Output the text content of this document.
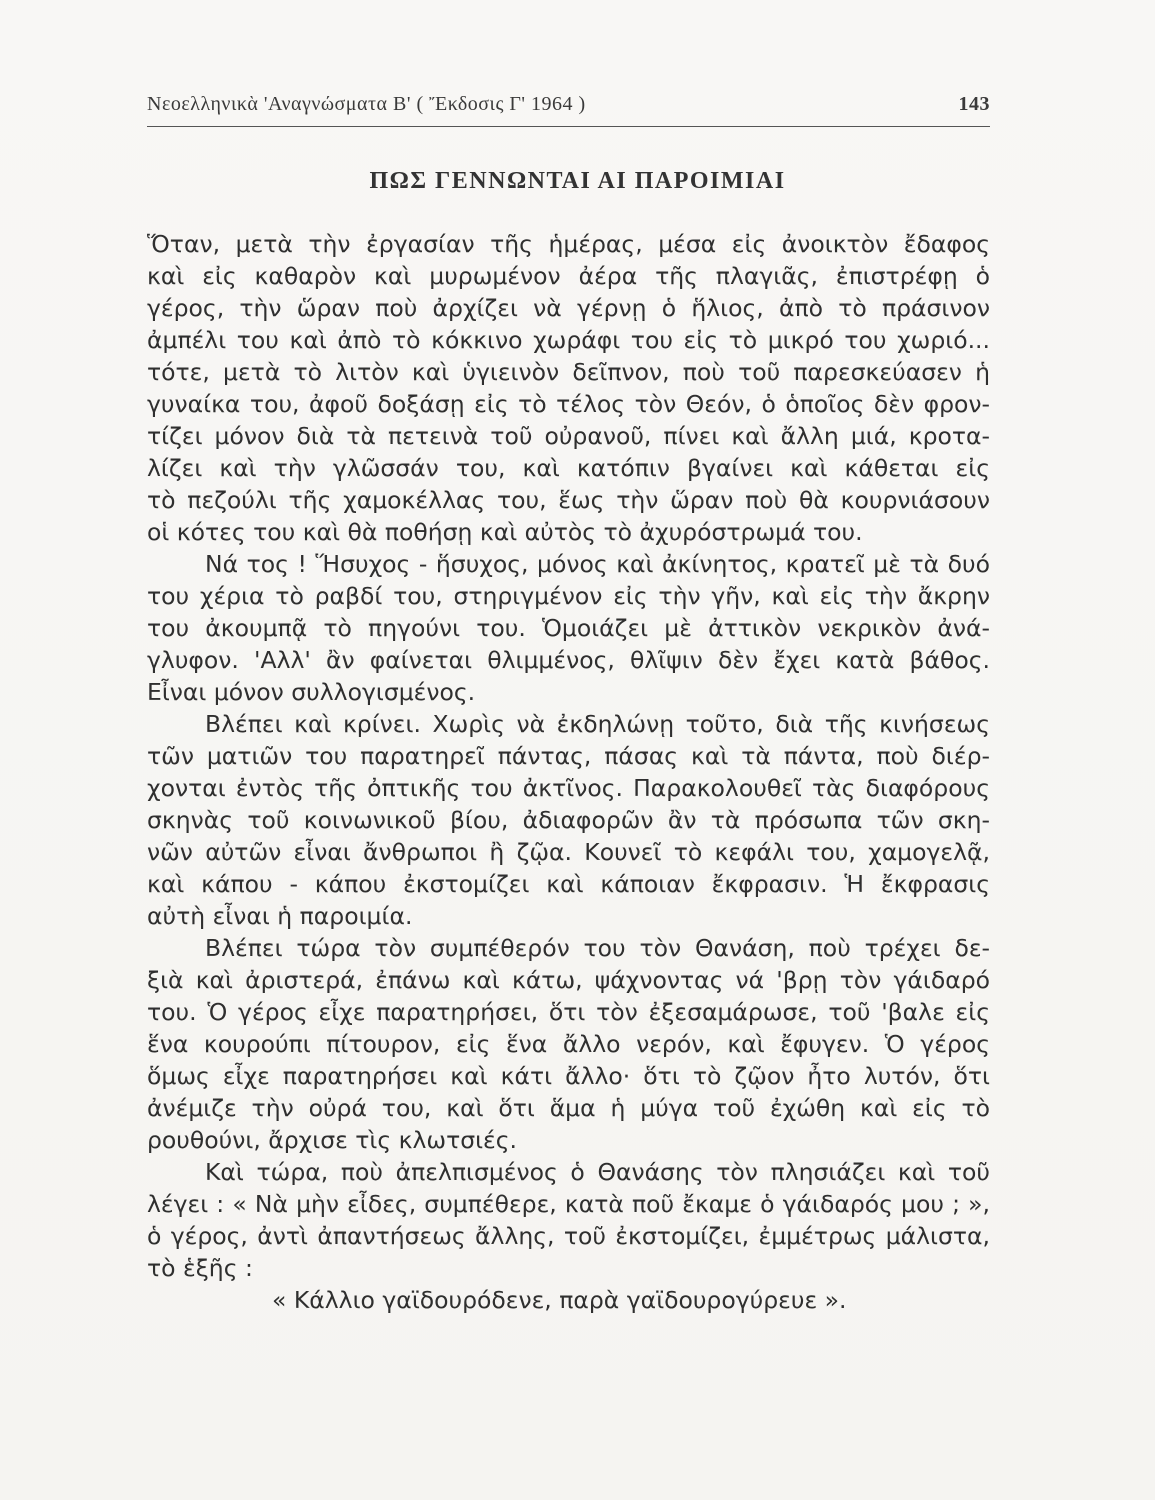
Νεοελληνικὰ 'Αναγνώσματα Β' ( Ἔκδοσις Γ' 1964 )	143
ΠΩΣ ΓΕΝΝΩΝΤΑΙ ΑΙ ΠΑΡΟΙΜΙΑΙ
Ὅταν, μετὰ τὴν ἐργασίαν τῆς ἡμέρας, μέσα εἰς ἀνοικτὸν ἔδαφος
καὶ εἰς καθαρὸν καὶ μυρωμένον ἀέρα τῆς πλαγιᾶς, ἐπιστρέφῃ ὁ
γέρος, τὴν ὥραν ποὺ ἀρχίζει νὰ γέρνῃ ὁ ἥλιος, ἀπὸ τὸ πράσινον
ἀμπέλι του καὶ ἀπὸ τὸ κόκκινο χωράφι του εἰς τὸ μικρό του χωριό...
τότε, μετὰ τὸ λιτὸν καὶ ὑγιεινὸν δεῖπνον, ποὺ τοῦ παρεσκεύασεν ἡ
γυναίκα του, ἀφοῦ δοξάσῃ εἰς τὸ τέλος τὸν Θεόν, ὁ ὁποῖος δὲν φρον-
τίζει μόνον διὰ τὰ πετεινὰ τοῦ οὐρανοῦ, πίνει καὶ ἄλλη μιά, κροτα-
λίζει καὶ τὴν γλῶσσάν του, καὶ κατόπιν βγαίνει καὶ κάθεται εἰς
τὸ πεζούλι τῆς χαμοκέλλας του, ἕως τὴν ὥραν ποὺ θὰ κουρνιάσουν
οἱ κότες του καὶ θὰ ποθήσῃ καὶ αὐτὸς τὸ ἀχυρόστρωμά του.
Νά τος ! Ἥσυχος - ἥσυχος, μόνος καὶ ἀκίνητος, κρατεῖ μὲ τὰ δυό
του χέρια τὸ ραβδί του, στηριγμένον εἰς τὴν γῆν, καὶ εἰς τὴν ἄκρην
του ἀκουμπᾷ τὸ πηγούνι του. Ὁμοιάζει μὲ ἀττικὸν νεκρικὸν ἀνά-
γλυφον. 'Αλλ' ἂν φαίνεται θλιμμένος, θλῖψιν δὲν ἔχει κατὰ βάθος.
Εἶναι μόνον συλλογισμένος.
Βλέπει καὶ κρίνει. Χωρὶς νὰ ἐκδηλώνῃ τοῦτο, διὰ τῆς κινήσεως
τῶν ματιῶν του παρατηρεῖ πάντας, πάσας καὶ τὰ πάντα, ποὺ διέρ-
χονται ἐντὸς τῆς ὀπτικῆς του ἀκτῖνος. Παρακολουθεῖ τὰς διαφόρους
σκηνὰς τοῦ κοινωνικοῦ βίου, ἀδιαφορῶν ἂν τὰ πρόσωπα τῶν σκη-
νῶν αὐτῶν εἶναι ἄνθρωποι ἢ ζῷα. Κουνεῖ τὸ κεφάλι του, χαμογελᾷ,
καὶ κάπου - κάπου ἐκστομίζει καὶ κάποιαν ἔκφρασιν. Ἡ ἔκφρασις
αὐτὴ εἶναι ἡ παροιμία.
Βλέπει τώρα τὸν συμπέθερόν του τὸν Θανάση, ποὺ τρέχει δε-
ξιὰ καὶ ἀριστερά, ἐπάνω καὶ κάτω, ψάχνοντας νά 'βρῃ τὸν γάιδαρό
του. Ὁ γέρος εἶχε παρατηρήσει, ὅτι τὸν ἐξεσαμάρωσε, τοῦ 'βαλε εἰς
ἕνα κουρούπι πίτουρον, εἰς ἕνα ἄλλο νερόν, καὶ ἔφυγεν. Ὁ γέρος
ὅμως εἶχε παρατηρήσει καὶ κάτι ἄλλο· ὅτι τὸ ζῷον ἦτο λυτόν, ὅτι
ἀνέμιζε τὴν οὐρά του, καὶ ὅτι ἅμα ἡ μύγα τοῦ ἐχώθη καὶ εἰς τὸ
ρουθούνι, ἄρχισε τὶς κλωτσιές.
Καὶ τώρα, ποὺ ἀπελπισμένος ὁ Θανάσης τὸν πλησιάζει καὶ τοῦ
λέγει : « Νὰ μὴν εἶδες, συμπέθερε, κατὰ ποῦ ἔκαμε ὁ γάιδαρός μου ; »,
ὁ γέρος, ἀντὶ ἀπαντήσεως ἄλλης, τοῦ ἐκστομίζει, ἐμμέτρως μάλιστα,
τὸ ἑξῆς :
« Κάλλιο γαϊδουρόδενε, παρὰ γαϊδουρογύρευε ».
